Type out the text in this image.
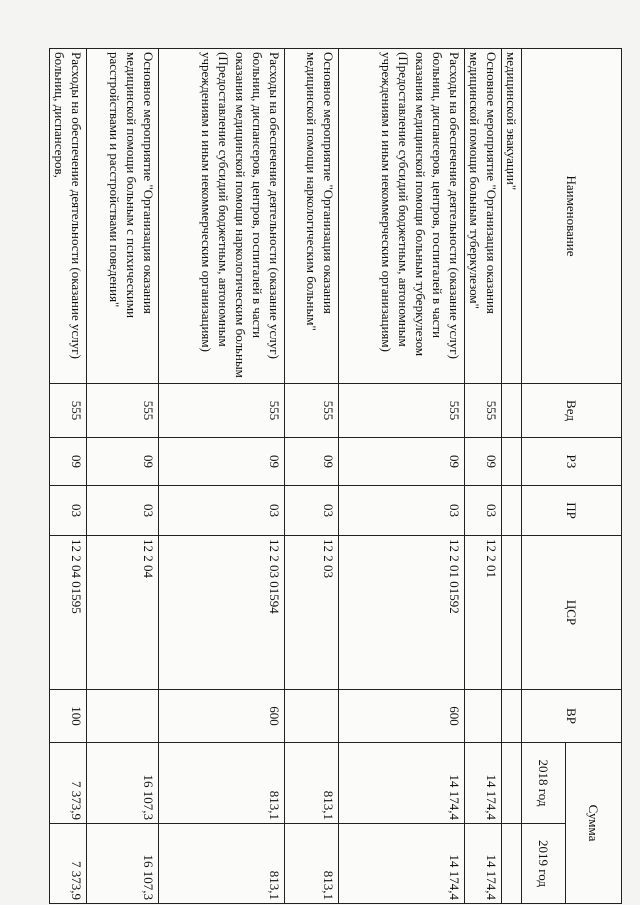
Наименование	Вед	РЗ	ПР	ЦСР	ВР	Сумма	
						2018 год	2019 год
медицинской эвакуации"							
Основное мероприятие "Организация оказания медицинской помощи больным туберкулезом"	555	09	03	12 2 01		14 174,4	14 174,4
Расходы на обеспечение деятельности (оказание услуг) больниц, диспансеров, центров, госпиталей в части оказания медицинской помощи больным туберкулезом (Предоставление субсидий бюджетным, автономным учреждениям и иным некоммерческим организациям)	555	09	03	12 2 01 01592	600	14 174,4	14 174,4
Основное мероприятие "Организация оказания медицинской помощи наркологическим больным"	555	09	03	12 2 03		813,1	813,1
Расходы на обеспечение деятельности (оказание услуг) больниц, диспансеров, центров, госпиталей в части оказания медицинской помощи наркологическим больным (Предоставление субсидий бюджетным, автономным учреждениям и иным некоммерческим организациям)	555	09	03	12 2 03 01594	600	813,1	813,1
Основное мероприятие "Организация оказания медицинской помощи больным с психическими расстройствами и расстройствами поведения"	555	09	03	12 2 04		16 107,3	16 107,3
Расходы на обеспечение деятельности (оказание услуг) больниц, диспансеров,	555	09	03	12 2 04 01595	100	7 373,9	7 373,9
